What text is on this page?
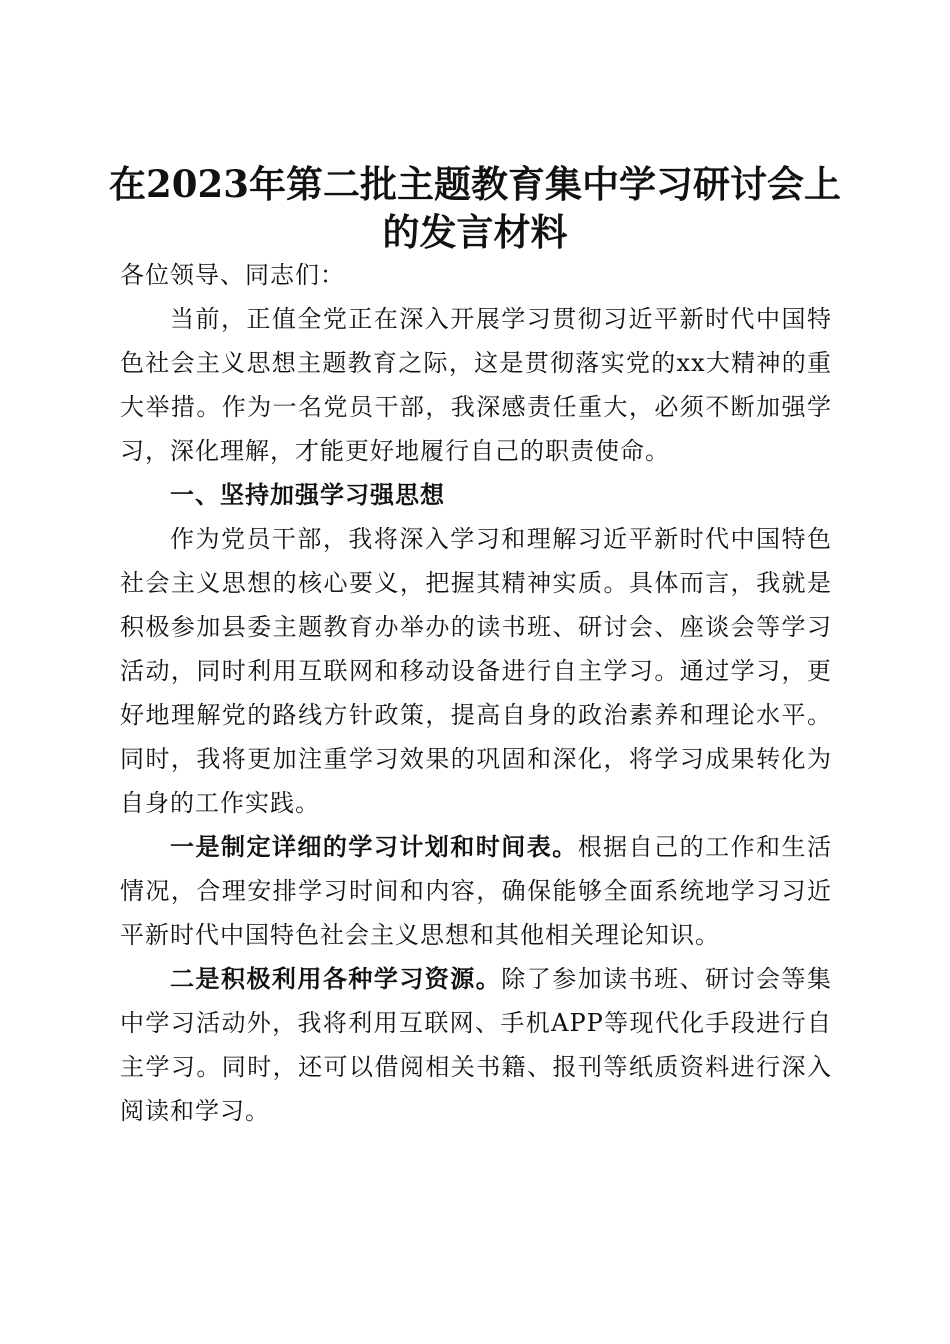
在2023年第二批主题教育集中学习研讨会上
的发言材料

各位领导、同志们：

当前，正值全党正在深入开展学习贯彻习近平新时代中国特色社会主义思想主题教育之际，这是贯彻落实党的xx大精神的重大举措。作为一名党员干部，我深感责任重大，必须不断加强学习，深化理解，才能更好地履行自己的职责使命。

一、坚持加强学习强思想

作为党员干部，我将深入学习和理解习近平新时代中国特色社会主义思想的核心要义，把握其精神实质。具体而言，我就是积极参加县委主题教育办举办的读书班、研讨会、座谈会等学习活动，同时利用互联网和移动设备进行自主学习。通过学习，更好地理解党的路线方针政策，提高自身的政治素养和理论水平。同时，我将更加注重学习效果的巩固和深化，将学习成果转化为自身的工作实践。

一是制定详细的学习计划和时间表。根据自己的工作和生活情况，合理安排学习时间和内容，确保能够全面系统地学习习近平新时代中国特色社会主义思想和其他相关理论知识。

二是积极利用各种学习资源。除了参加读书班、研讨会等集中学习活动外，我将利用互联网、手机APP等现代化手段进行自主学习。同时，还可以借阅相关书籍、报刊等纸质资料进行深入阅读和学习。
